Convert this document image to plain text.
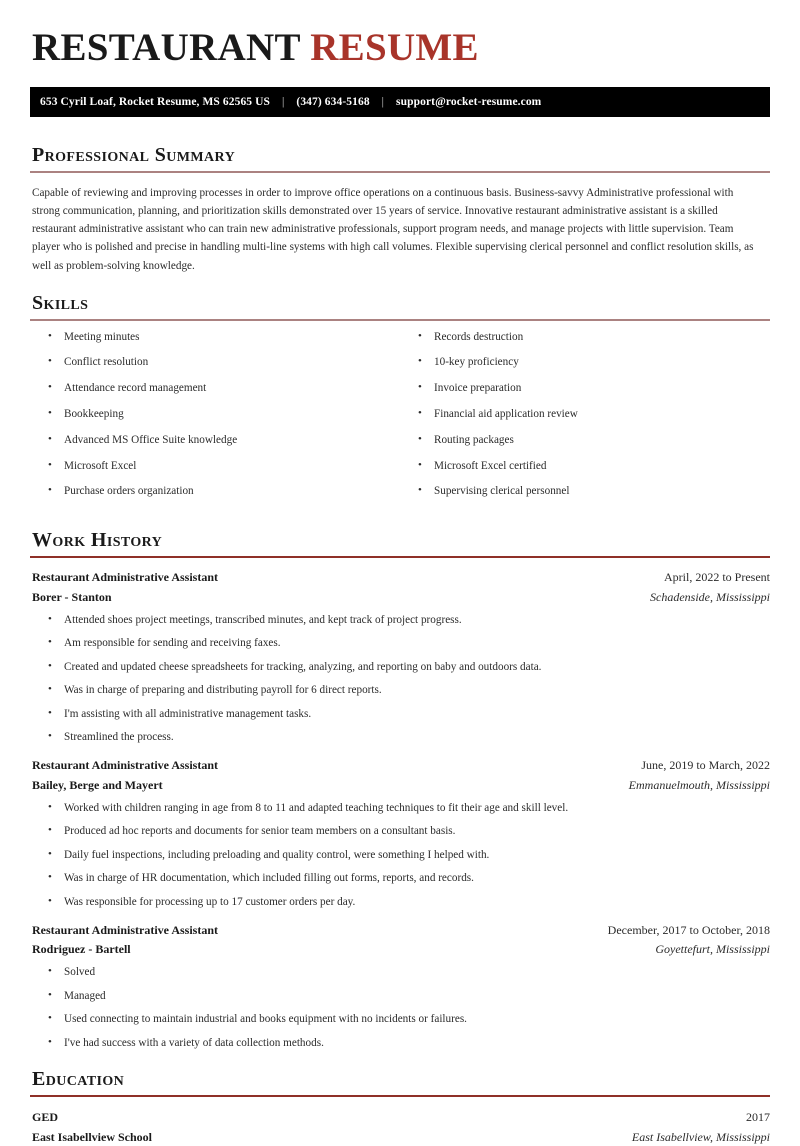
RESTAURANT RESUME
653 Cyril Loaf, Rocket Resume, MS 62565 US | (347) 634-5168 | support@rocket-resume.com
Professional Summary

Capable of reviewing and improving processes in order to improve office operations on a continuous basis. Business-savvy Administrative professional with strong communication, planning, and prioritization skills demonstrated over 15 years of service. Innovative restaurant administrative assistant is a skilled restaurant administrative assistant who can train new administrative professionals, support program needs, and manage projects with little supervision. Team player who is polished and precise in handling multi-line systems with high call volumes. Flexible supervising clerical personnel and conflict resolution skills, as well as problem-solving knowledge.

Skills
• Meeting minutes
• Conflict resolution
• Attendance record management
• Bookkeeping
• Advanced MS Office Suite knowledge
• Microsoft Excel
• Purchase orders organization
• Records destruction
• 10-key proficiency
• Invoice preparation
• Financial aid application review
• Routing packages
• Microsoft Excel certified
• Supervising clerical personnel
Work History
Restaurant Administrative Assistant	April, 2022 to Present
Borer - Stanton	Schadenside, Mississippi
• Attended shoes project meetings, transcribed minutes, and kept track of project progress.
• Am responsible for sending and receiving faxes.
• Created and updated cheese spreadsheets for tracking, analyzing, and reporting on baby and outdoors data.
• Was in charge of preparing and distributing payroll for 6 direct reports.
• I'm assisting with all administrative management tasks.
• Streamlined the process.
Restaurant Administrative Assistant	June, 2019 to March, 2022
Bailey, Berge and Mayert	Emmanuelmouth, Mississippi
• Worked with children ranging in age from 8 to 11 and adapted teaching techniques to fit their age and skill level.
• Produced ad hoc reports and documents for senior team members on a consultant basis.
• Daily fuel inspections, including preloading and quality control, were something I helped with.
• Was in charge of HR documentation, which included filling out forms, reports, and records.
• Was responsible for processing up to 17 customer orders per day.
Restaurant Administrative Assistant	December, 2017 to October, 2018
Rodriguez - Bartell	Goyettefurt, Mississippi
• Solved
• Managed
• Used connecting to maintain industrial and books equipment with no incidents or failures.
• I've had success with a variety of data collection methods.
Education
GED	2017
East Isabellview School	East Isabellview, Mississippi
